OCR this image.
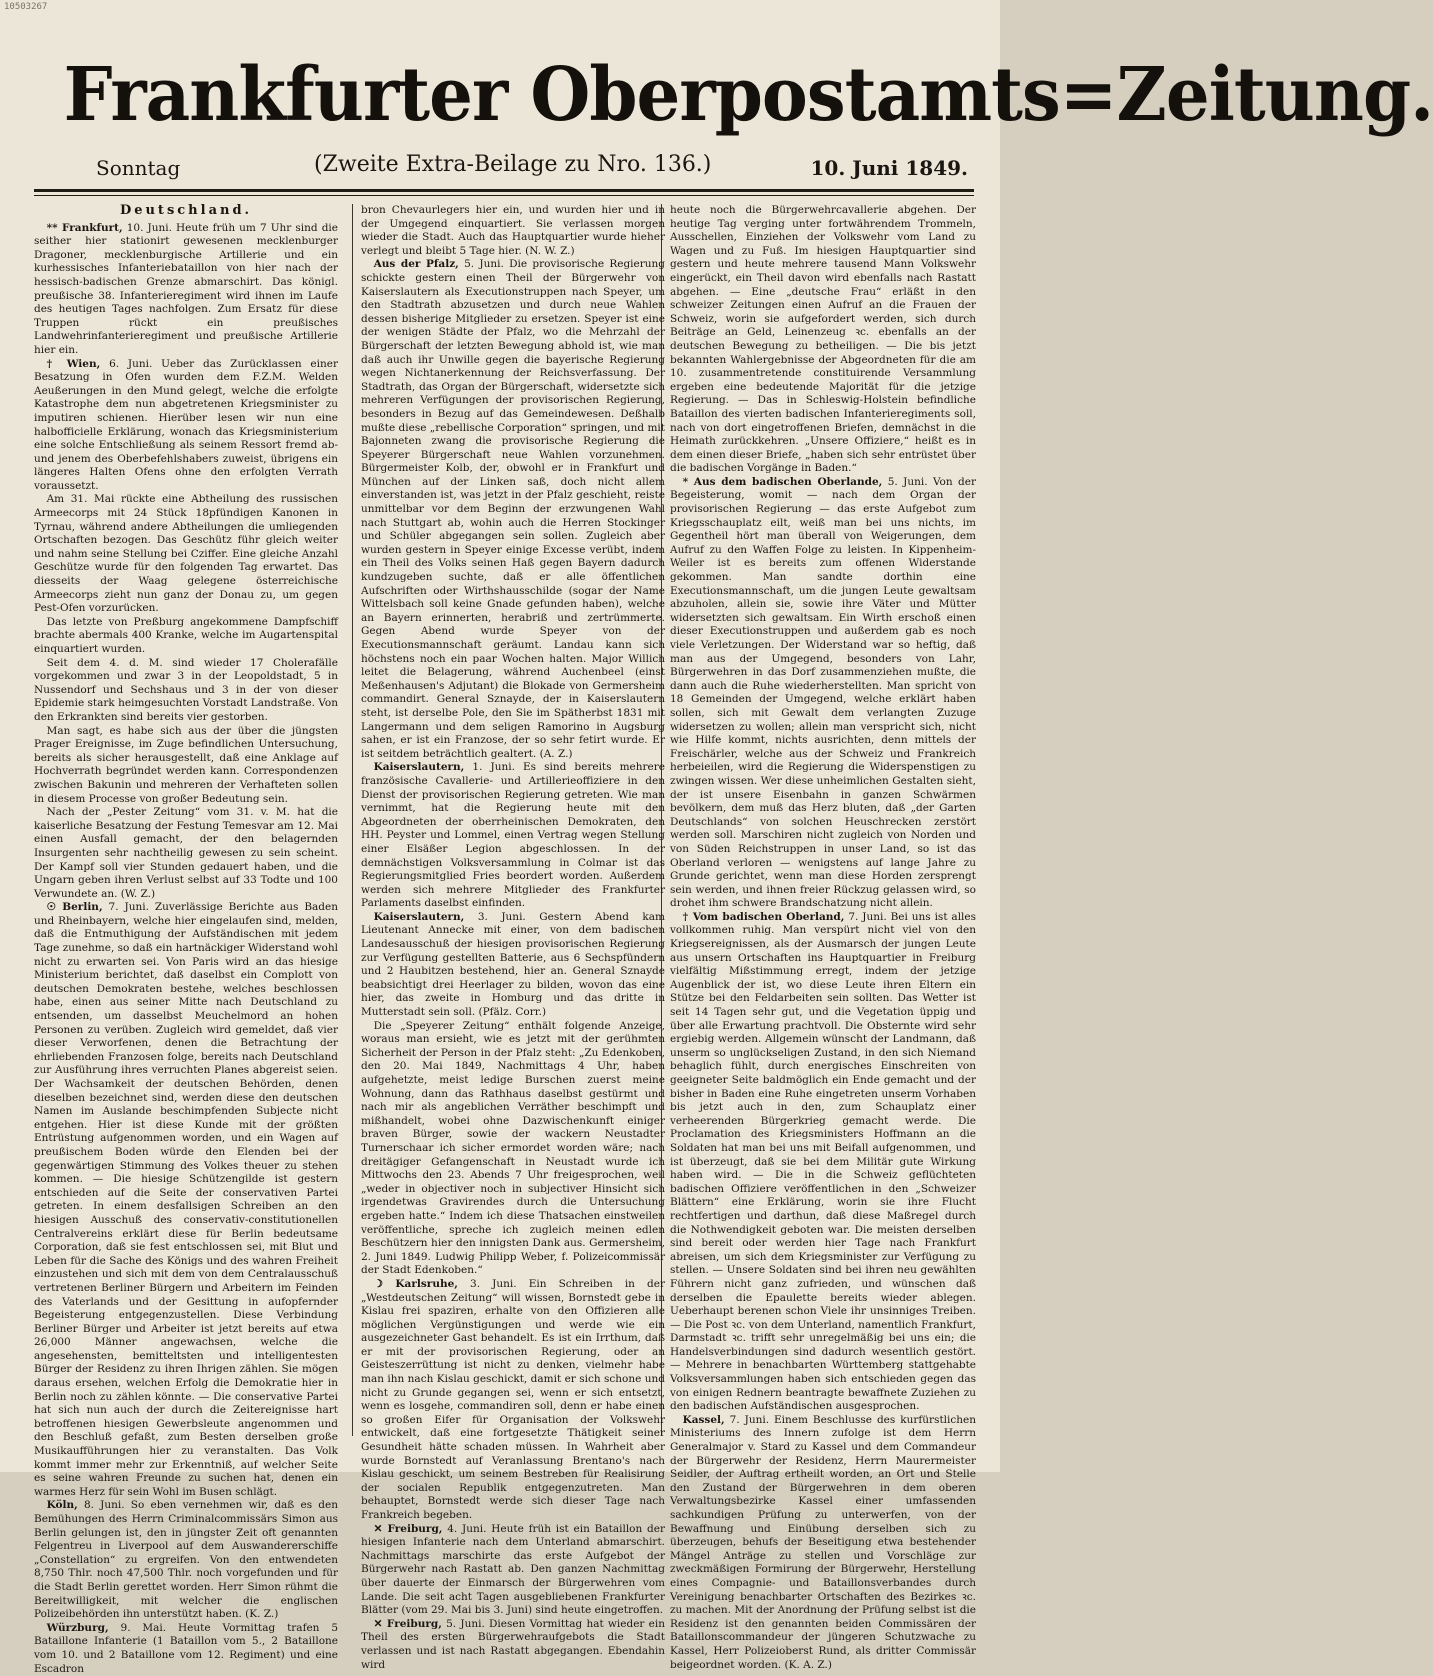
10503267
Frankfurter Oberpostamts=Zeitung.
Sonntag	(Zweite Extra-Beilage zu Nro. 136.)	10. Juni 1849.
Deutschland.

** Frankfurt, 10. Juni. Heute früh um 7 Uhr sind die seither hier stationirt gewesenen mecklenburger Dragoner, mecklenburgische Artillerie und ein kurhessisches Infanteriebataillon von hier nach der hessisch-badischen Grenze abmarschirt. Das königl. preußische 38. Infanterieregiment wird ihnen im Laufe des heutigen Tages nachfolgen. Zum Ersatz für diese Truppen rückt ein preußisches Landwehrinfanterieregiment und preußische Artillerie hier ein.

† Wien, 6. Juni. Ueber das Zurücklassen einer Besatzung in Ofen wurden dem F.Z.M. Welden Aeußerungen in den Mund gelegt, welche die erfolgte Katastrophe dem nun abgetretenen Kriegsminister zu imputiren schienen. Hierüber lesen wir nun eine halbofficielle Erklärung, wonach das Kriegsministerium eine solche Entschließung als seinem Ressort fremd ab- und jenem des Oberbefehlshabers zuweist, übrigens ein längeres Halten Ofens ohne den erfolgten Verrath voraussetzt.

Am 31. Mai rückte eine Abtheilung des russischen Armeecorps mit 24 Stück 18pfündigen Kanonen in Tyrnau, während andere Abtheilungen die umliegenden Ortschaften bezogen. Das Geschütz führ gleich weiter und nahm seine Stellung bei Cziffer. Eine gleiche Anzahl Geschütze wurde für den folgenden Tag erwartet. Das diesseits der Waag gelegene österreichische Armeecorps zieht nun ganz der Donau zu, um gegen Pest-Ofen vorzurücken.

Das letzte von Preßburg angekommene Dampfschiff brachte abermals 400 Kranke, welche im Augartenspital einquartiert wurden.

Seit dem 4. d. M. sind wieder 17 Cholerafälle vorgekommen und zwar 3 in der Leopoldstadt, 5 in Nussendorf und Sechshaus und 3 in der von dieser Epidemie stark heimgesuchten Vorstadt Landstraße. Von den Erkrankten sind bereits vier gestorben.

Man sagt, es habe sich aus der über die jüngsten Prager Ereignisse, im Zuge befindlichen Untersuchung, bereits als sicher herausgestellt, daß eine Anklage auf Hochverrath begründet werden kann. Correspondenzen zwischen Bakunin und mehreren der Verhafteten sollen in diesem Processe von großer Bedeutung sein.

Nach der „Pester Zeitung“ vom 31. v. M. hat die kaiserliche Besatzung der Festung Temesvar am 12. Mai einen Ausfall gemacht, der den belagernden Insurgenten sehr nachtheilig gewesen zu sein scheint. Der Kampf soll vier Stunden gedauert haben, und die Ungarn geben ihren Verlust selbst auf 33 Todte und 100 Verwundete an. (W. Z.)

☉ Berlin, 7. Juni. Zuverlässige Berichte aus Baden und Rheinbayern, welche hier eingelaufen sind, melden, daß die Entmuthigung der Aufständischen mit jedem Tage zunehme, so daß ein hartnäckiger Widerstand wohl nicht zu erwarten sei. Von Paris wird an das hiesige Ministerium berichtet, daß daselbst ein Complott von deutschen Demokraten bestehe, welches beschlossen habe, einen aus seiner Mitte nach Deutschland zu entsenden, um dasselbst Meuchelmord an hohen Personen zu verüben. Zugleich wird gemeldet, daß vier dieser Verworfenen, denen die Betrachtung der ehrliebenden Franzosen folge, bereits nach Deutschland zur Ausführung ihres verruchten Planes abgereist seien. Der Wachsamkeit der deutschen Behörden, denen dieselben bezeichnet sind, werden diese den deutschen Namen im Auslande beschimpfenden Subjecte nicht entgehen. Hier ist diese Kunde mit der größten Entrüstung aufgenommen worden, und ein Wagen auf preußischem Boden würde den Elenden bei der gegenwärtigen Stimmung des Volkes theuer zu stehen kommen. — Die hiesige Schützengilde ist gestern entschieden auf die Seite der conservativen Partei getreten. In einem desfallsigen Schreiben an den hiesigen Ausschuß des conservativ-constitutionellen Centralvereins erklärt diese für Berlin bedeutsame Corporation, daß sie fest entschlossen sei, mit Blut und Leben für die Sache des Königs und des wahren Freiheit einzustehen und sich mit dem von dem Centralausschuß vertretenen Berliner Bürgern und Arbeitern im Feinden des Vaterlands und der Gesittung in aufopfernder Begeisterung entgegenzustellen. Diese Verbindung Berliner Bürger und Arbeiter ist jetzt bereits auf etwa 26,000 Männer angewachsen, welche die angesehensten, bemitteltsten und intelligentesten Bürger der Residenz zu ihren Ihrigen zählen. Sie mögen daraus ersehen, welchen Erfolg die Demokratie hier in Berlin noch zu zählen könnte. — Die conservative Partei hat sich nun auch der durch die Zeitereignisse hart betroffenen hiesigen Gewerbsleute angenommen und den Beschluß gefaßt, zum Besten derselben große Musikaufführungen hier zu veranstalten. Das Volk kommt immer mehr zur Erkenntniß, auf welcher Seite es seine wahren Freunde zu suchen hat, denen ein warmes Herz für sein Wohl im Busen schlägt.

Köln, 8. Juni. So eben vernehmen wir, daß es den Bemühungen des Herrn Criminalcommissärs Simon aus Berlin gelungen ist, den in jüngster Zeit oft genannten Felgentreu in Liverpool auf dem Auswandererschiffe „Constellation“ zu ergreifen. Von den entwendeten 8,750 Thlr. noch 47,500 Thlr. noch vorgefunden und für die Stadt Berlin gerettet worden. Herr Simon rühmt die Bereitwilligkeit, mit welcher die englischen Polizeibehörden ihn unterstützt haben. (K. Z.)

Würzburg, 9. Mai. Heute Vormittag trafen 5 Bataillone Infanterie (1 Bataillon vom 5., 2 Bataillone vom 10. und 2 Bataillone vom 12. Regiment) und eine Escadron

bron Chevaurlegers hier ein, und wurden hier und in der Umgegend einquartiert. Sie verlassen morgen wieder die Stadt. Auch das Hauptquartier wurde hieher verlegt und bleibt 5 Tage hier. (N. W. Z.)

Aus der Pfalz, 5. Juni. Die provisorische Regierung schickte gestern einen Theil der Bürgerwehr von Kaiserslautern als Executionstruppen nach Speyer, um den Stadtrath abzusetzen und durch neue Wahlen dessen bisherige Mitglieder zu ersetzen. Speyer ist eine der wenigen Städte der Pfalz, wo die Mehrzahl der Bürgerschaft der letzten Bewegung abhold ist, wie man daß auch ihr Unwille gegen die bayerische Regierung wegen Nichtanerkennung der Reichsverfassung. Der Stadtrath, das Organ der Bürgerschaft, widersetzte sich mehreren Verfügungen der provisorischen Regierung, besonders in Bezug auf das Gemeindewesen. Deßhalb mußte diese „rebellische Corporation“ springen, und mit Bajonneten zwang die provisorische Regierung die Speyerer Bürgerschaft neue Wahlen vorzunehmen. Bürgermeister Kolb, der, obwohl er in Frankfurt und München auf der Linken saß, doch nicht allem einverstanden ist, was jetzt in der Pfalz geschieht, reiste unmittelbar vor dem Beginn der erzwungenen Wahl nach Stuttgart ab, wohin auch die Herren Stockinger und Schüler abgegangen sein sollen. Zugleich aber wurden gestern in Speyer einige Excesse verübt, indem ein Theil des Volks seinen Haß gegen Bayern dadurch kundzugeben suchte, daß er alle öffentlichen Aufschriften oder Wirthshausschilde (sogar der Name Wittelsbach soll keine Gnade gefunden haben), welche an Bayern erinnerten, herabriß und zertrümmerte. Gegen Abend wurde Speyer von der Executionsmannschaft geräumt. Landau kann sich höchstens noch ein paar Wochen halten. Major Willich leitet die Belagerung, während Auchenbeel (einst Meßenhausen's Adjutant) die Blokade von Germersheim commandirt. General Sznayde, der in Kaiserslautern steht, ist derselbe Pole, den Sie im Spätherbst 1831 mit Langermann und dem seligen Ramorino in Augsburg sahen, er ist ein Franzose, der so sehr fetirt wurde. Er ist seitdem beträchtlich gealtert. (A. Z.)

Kaiserslautern, 1. Juni. Es sind bereits mehrere französische Cavallerie- und Artillerieoffiziere in den Dienst der provisorischen Regierung getreten. Wie man vernimmt, hat die Regierung heute mit den Abgeordneten der oberrheinischen Demokraten, den HH. Peyster und Lommel, einen Vertrag wegen Stellung einer Elsäßer Legion abgeschlossen. In der demnächstigen Volksversammlung in Colmar ist das Regierungsmitglied Fries beordert worden. Außerdem werden sich mehrere Mitglieder des Frankfurter Parlaments daselbst einfinden.

Kaiserslautern, 3. Juni. Gestern Abend kam Lieutenant Annecke mit einer, von dem badischen Landesausschuß der hiesigen provisorischen Regierung zur Verfügung gestellten Batterie, aus 6 Sechspfündern und 2 Haubitzen bestehend, hier an. General Sznayde beabsichtigt drei Heerlager zu bilden, wovon das eine hier, das zweite in Homburg und das dritte in Mutterstadt sein soll. (Pfälz. Corr.)

Die „Speyerer Zeitung“ enthält folgende Anzeige, woraus man ersieht, wie es jetzt mit der gerühmten Sicherheit der Person in der Pfalz steht: „Zu Edenkoben, den 20. Mai 1849, Nachmittags 4 Uhr, haben aufgehetzte, meist ledige Burschen zuerst meine Wohnung, dann das Rathhaus daselbst gestürmt und nach mir als angeblichen Verräther beschimpft und mißhandelt, wobei ohne Dazwischenkunft einiger braven Bürger, sowie der wackern Neustadter Turnerschaar ich sicher ermordet worden wäre; nach dreitägiger Gefangenschaft in Neustadt wurde ich Mittwochs den 23. Abends 7 Uhr freigesprochen, weil „weder in objectiver noch in subjectiver Hinsicht sich irgendetwas Gravirendes durch die Untersuchung ergeben hatte.“ Indem ich diese Thatsachen einstweilen veröffentliche, spreche ich zugleich meinen edlen Beschützern hier den innigsten Dank aus. Germersheim, 2. Juni 1849. Ludwig Philipp Weber, f. Polizeicommissär der Stadt Edenkoben.“

☽ Karlsruhe, 3. Juni. Ein Schreiben in der „Westdeutschen Zeitung“ will wissen, Bornstedt gebe in Kislau frei spaziren, erhalte von den Offizieren alle möglichen Vergünstigungen und werde wie ein ausgezeichneter Gast behandelt. Es ist ein Irrthum, daß er mit der provisorischen Regierung, oder an Geisteszerrüttung ist nicht zu denken, vielmehr habe man ihn nach Kislau geschickt, damit er sich schone und nicht zu Grunde gegangen sei, wenn er sich entsetzt, wenn es losgehe, commandiren soll, denn er habe einen so großen Eifer für Organisation der Volkswehr entwickelt, daß eine fortgesetzte Thätigkeit seiner Gesundheit hätte schaden müssen. In Wahrheit aber wurde Bornstedt auf Veranlassung Brentano's nach Kislau geschickt, um seinem Bestreben für Realisirung der socialen Republik entgegenzutreten. Man behauptet, Bornstedt werde sich dieser Tage nach Frankreich begeben.

✕ Freiburg, 4. Juni. Heute früh ist ein Bataillon der hiesigen Infanterie nach dem Unterland abmarschirt. Nachmittags marschirte das erste Aufgebot der Bürgerwehr nach Rastatt ab. Den ganzen Nachmittag über dauerte der Einmarsch der Bürgerwehren vom Lande. Die seit acht Tagen ausgebliebenen Frankfurter Blätter (vom 29. Mai bis 3. Juni) sind heute eingetroffen.

✕ Freiburg, 5. Juni. Diesen Vormittag hat wieder ein Theil des ersten Bürgerwehraufgebots die Stadt verlassen und ist nach Rastatt abgegangen. Ebendahin wird

heute noch die Bürgerwehrcavallerie abgehen. Der heutige Tag verging unter fortwährendem Trommeln, Ausschellen, Einziehen der Volkswehr vom Land zu Wagen und zu Fuß. Im hiesigen Hauptquartier sind gestern und heute mehrere tausend Mann Volkswehr eingerückt, ein Theil davon wird ebenfalls nach Rastatt abgehen. — Eine „deutsche Frau“ erläßt in den schweizer Zeitungen einen Aufruf an die Frauen der Schweiz, worin sie aufgefordert werden, sich durch Beiträge an Geld, Leinenzeug ꝛc. ebenfalls an der deutschen Bewegung zu betheiligen. — Die bis jetzt bekannten Wahlergebnisse der Abgeordneten für die am 10. zusammentretende constituirende Versammlung ergeben eine bedeutende Majorität für die jetzige Regierung. — Das in Schleswig-Holstein befindliche Bataillon des vierten badischen Infanterieregiments soll, nach von dort eingetroffenen Briefen, demnächst in die Heimath zurückkehren. „Unsere Offiziere,“ heißt es in dem einen dieser Briefe, „haben sich sehr entrüstet über die badischen Vorgänge in Baden.“

* Aus dem badischen Oberlande, 5. Juni. Von der Begeisterung, womit — nach dem Organ der provisorischen Regierung — das erste Aufgebot zum Kriegsschauplatz eilt, weiß man bei uns nichts, im Gegentheil hört man überall von Weigerungen, dem Aufruf zu den Waffen Folge zu leisten. In Kippenheim-Weiler ist es bereits zum offenen Widerstande gekommen. Man sandte dorthin eine Executionsmannschaft, um die jungen Leute gewaltsam abzuholen, allein sie, sowie ihre Väter und Mütter widersetzten sich gewaltsam. Ein Wirth erschoß einen dieser Executionstruppen und außerdem gab es noch viele Verletzungen. Der Widerstand war so heftig, daß man aus der Umgegend, besonders von Lahr, Bürgerwehren in das Dorf zusammenziehen mußte, die dann auch die Ruhe wiederherstellten. Man spricht von 18 Gemeinden der Umgegend, welche erklärt haben sollen, sich mit Gewalt dem verlangten Zuzuge widersetzen zu wollen; allein man verspricht sich, nicht wie Hilfe kommt, nichts ausrichten, denn mittels der Freischärler, welche aus der Schweiz und Frankreich herbeieilen, wird die Regierung die Widerspenstigen zu zwingen wissen. Wer diese unheimlichen Gestalten sieht, der ist unsere Eisenbahn in ganzen Schwärmen bevölkern, dem muß das Herz bluten, daß „der Garten Deutschlands“ von solchen Heuschrecken zerstört werden soll. Marschiren nicht zugleich von Norden und von Süden Reichstruppen in unser Land, so ist das Oberland verloren — wenigstens auf lange Jahre zu Grunde gerichtet, wenn man diese Horden zersprengt sein werden, und ihnen freier Rückzug gelassen wird, so drohet ihm schwere Brandschatzung nicht allein.

† Vom badischen Oberland, 7. Juni. Bei uns ist alles vollkommen ruhig. Man verspürt nicht viel von den Kriegsereignissen, als der Ausmarsch der jungen Leute aus unsern Ortschaften ins Hauptquartier in Freiburg vielfältig Mißstimmung erregt, indem der jetzige Augenblick der ist, wo diese Leute ihren Eltern ein Stütze bei den Feldarbeiten sein sollten. Das Wetter ist seit 14 Tagen sehr gut, und die Vegetation üppig und über alle Erwartung prachtvoll. Die Obsternte wird sehr ergiebig werden. Allgemein wünscht der Landmann, daß unserm so unglückseligen Zustand, in den sich Niemand behaglich fühlt, durch energisches Einschreiten von geeigneter Seite baldmöglich ein Ende gemacht und der bisher in Baden eine Ruhe eingetreten unserm Vorhaben bis jetzt auch in den, zum Schauplatz einer verheerenden Bürgerkrieg gemacht werde. Die Proclamation des Kriegsministers Hoffmann an die Soldaten hat man bei uns mit Beifall aufgenommen, und ist überzeugt, daß sie bei dem Militär gute Wirkung haben wird. — Die in die Schweiz geflüchteten badischen Offiziere veröffentlichen in den „Schweizer Blättern“ eine Erklärung, worin sie ihre Flucht rechtfertigen und darthun, daß diese Maßregel durch die Nothwendigkeit geboten war. Die meisten derselben sind bereit oder werden hier Tage nach Frankfurt abreisen, um sich dem Kriegsminister zur Verfügung zu stellen. — Unsere Soldaten sind bei ihren neu gewählten Führern nicht ganz zufrieden, und wünschen daß derselben die Epaulette bereits wieder ablegen. Ueberhaupt berenen schon Viele ihr unsinniges Treiben. — Die Post ꝛc. von dem Unterland, namentlich Frankfurt, Darmstadt ꝛc. trifft sehr unregelmäßig bei uns ein; die Handelsverbindungen sind dadurch wesentlich gestört. — Mehrere in benachbarten Württemberg stattgehabte Volksversammlungen haben sich entschieden gegen das von einigen Rednern beantragte bewaffnete Zuziehen zu den badischen Aufständischen ausgesprochen.

Kassel, 7. Juni. Einem Beschlusse des kurfürstlichen Ministeriums des Innern zufolge ist dem Herrn Generalmajor v. Stard zu Kassel und dem Commandeur der Bürgerwehr der Residenz, Herrn Maurermeister Seidler, der Auftrag ertheilt worden, an Ort und Stelle den Zustand der Bürgerwehren in dem oberen Verwaltungsbezirke Kassel einer umfassenden sachkundigen Prüfung zu unterwerfen, von der Bewaffnung und Einübung derselben sich zu überzeugen, behufs der Beseitigung etwa bestehender Mängel Anträge zu stellen und Vorschläge zur zweckmäßigen Formirung der Bürgerwehr, Herstellung eines Compagnie- und Bataillonsverbandes durch Vereinigung benachbarter Ortschaften des Bezirkes ꝛc. zu machen. Mit der Anordnung der Prüfung selbst ist die Residenz ist den genannten beiden Commissären der Bataillonscommandeur der jüngeren Schutzwache zu Kassel, Herr Polizeioberst Rund, als dritter Commissär beigeordnet worden. (K. A. Z.)
